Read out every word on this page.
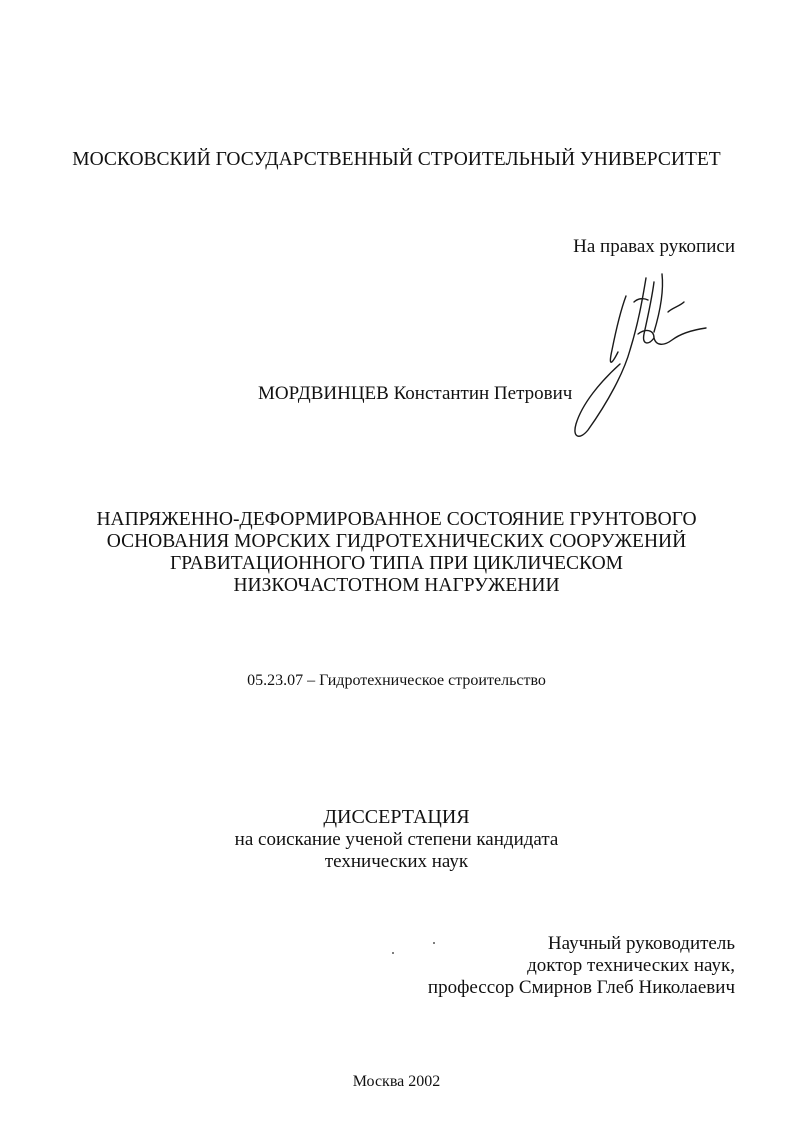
МОСКОВСКИЙ ГОСУДАРСТВЕННЫЙ СТРОИТЕЛЬНЫЙ УНИВЕРСИТЕТ

На правах рукописи

МОРДВИНЦЕВ Константин Петрович

НАПРЯЖЕННО-ДЕФОРМИРОВАННОЕ СОСТОЯНИЕ ГРУНТОВОГО

ОСНОВАНИЯ МОРСКИХ ГИДРОТЕХНИЧЕСКИХ СООРУЖЕНИЙ

ГРАВИТАЦИОННОГО ТИПА ПРИ ЦИКЛИЧЕСКОМ

НИЗКОЧАСТОТНОМ НАГРУЖЕНИИ

05.23.07 – Гидротехническое строительство

ДИССЕРТАЦИЯ

на соискание ученой степени кандидата

технических наук

Научный руководитель

доктор технических наук,

профессор Смирнов Глеб Николаевич

Москва 2002
